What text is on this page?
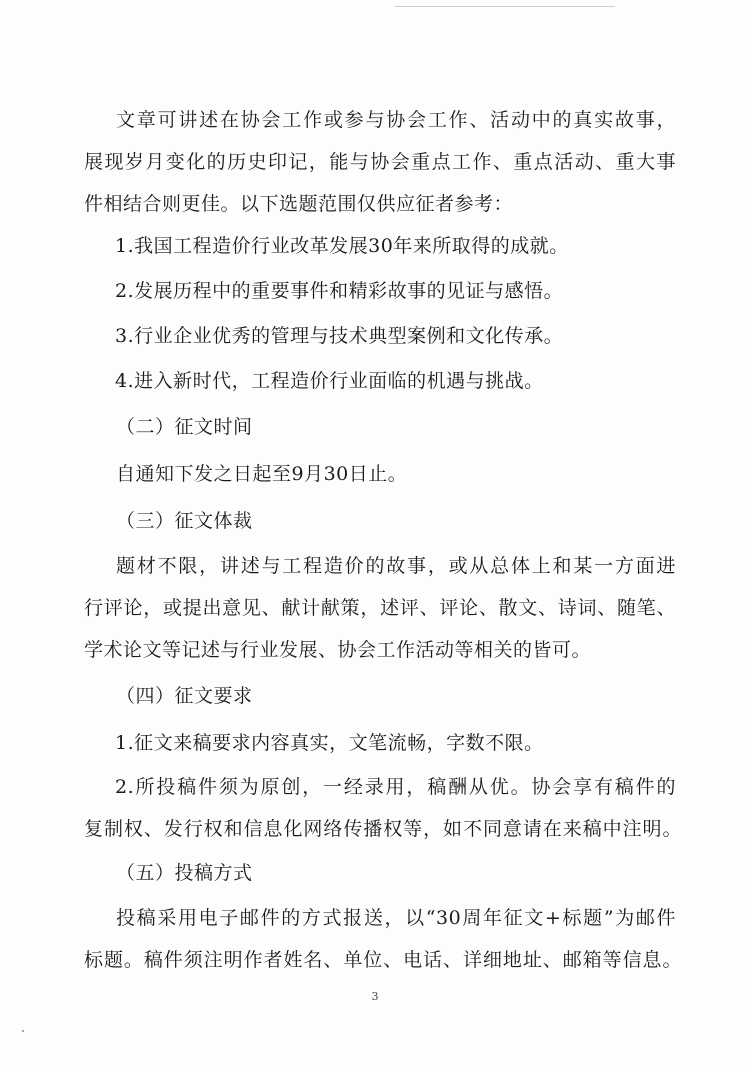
文章可讲述在协会工作或参与协会工作、活动中的真实故事，
展现岁月变化的历史印记，能与协会重点工作、重点活动、重大事
件相结合则更佳。以下选题范围仅供应征者参考：
1.我国工程造价行业改革发展30年来所取得的成就。
2.发展历程中的重要事件和精彩故事的见证与感悟。
3.行业企业优秀的管理与技术典型案例和文化传承。
4.进入新时代，工程造价行业面临的机遇与挑战。
（二）征文时间
自通知下发之日起至9月30日止。
（三）征文体裁
题材不限，讲述与工程造价的故事，或从总体上和某一方面进
行评论，或提出意见、献计献策，述评、评论、散文、诗词、随笔、
学术论文等记述与行业发展、协会工作活动等相关的皆可。
（四）征文要求
1.征文来稿要求内容真实，文笔流畅，字数不限。
2.所投稿件须为原创，一经录用，稿酬从优。协会享有稿件的
复制权、发行权和信息化网络传播权等，如不同意请在来稿中注明。
（五）投稿方式
投稿采用电子邮件的方式报送，以“30周年征文+标题”为邮件
标题。稿件须注明作者姓名、单位、电话、详细地址、邮箱等信息。
3
